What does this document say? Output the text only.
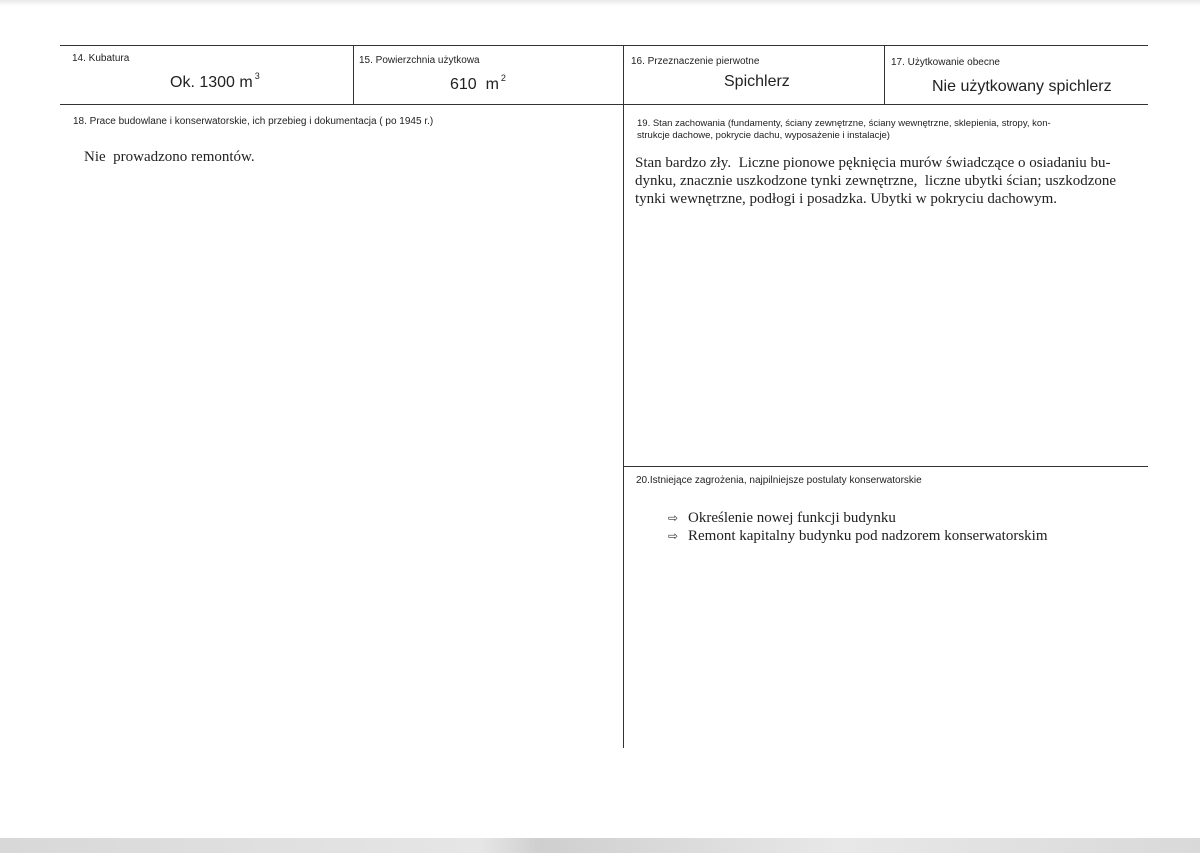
14. Kubatura
Ok. 1300 m $^3$
15. Powierzchnia użytkowa
610  m $^2$
16. Przeznaczenie pierwotne
Spichlerz
17. Użytkowanie obecne
Nie użytkowany spichlerz
18. Prace budowlane i konserwatorskie, ich przebieg i dokumentacja ( po 1945 r.)
Nie  prowadzono remontów.
19. Stan zachowania (fundamenty, ściany zewnętrzne, ściany wewnętrzne, sklepienia, stropy, kon-
strukcje dachowe, pokrycie dachu, wyposażenie i instalacje)
Stan bardzo zły.  Liczne pionowe pęknięcia murów świadczące o osiadaniu bu-
dynku, znacznie uszkodzone tynki zewnętrzne,  liczne ubytki ścian; uszkodzone
tynki wewnętrzne, podłogi i posadzka. Ubytki w pokryciu dachowym.
20.Istniejące zagrożenia, najpilniejsze postulaty konserwatorskie
⇨ Określenie nowej funkcji budynku
⇨ Remont kapitalny budynku pod nadzorem konserwatorskim
